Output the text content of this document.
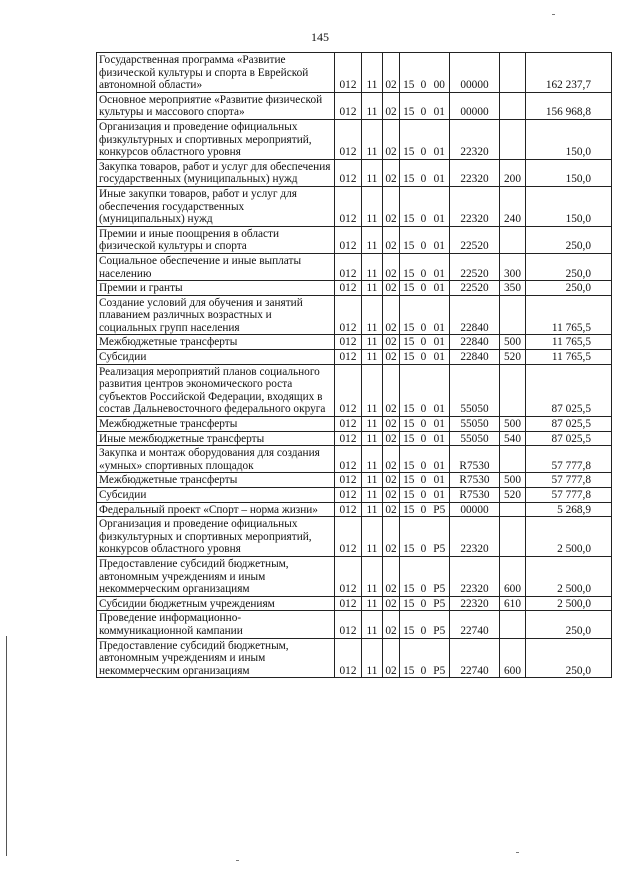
145
Государственная программа «Развитие физической культуры и спорта в Еврейской автономной области»	012	11	02	15	0	00	00000		162 237,7
Основное мероприятие «Развитие физической культуры и массового спорта»	012	11	02	15	0	01	00000		156 968,8
Организация и проведение официальных физкультурных и спортивных мероприятий, конкурсов областного уровня	012	11	02	15	0	01	22320		150,0
Закупка товаров, работ и услуг для обеспечения государственных (муниципальных) нужд	012	11	02	15	0	01	22320	200	150,0
Иные закупки товаров, работ и услуг для обеспечения государственных (муниципальных) нужд	012	11	02	15	0	01	22320	240	150,0
Премии и иные поощрения в области физической культуры и спорта	012	11	02	15	0	01	22520		250,0
Социальное обеспечение и иные выплаты населению	012	11	02	15	0	01	22520	300	250,0
Премии и гранты	012	11	02	15	0	01	22520	350	250,0
Создание условий для обучения и занятий плаванием различных возрастных и социальных групп населения	012	11	02	15	0	01	22840		11 765,5
Межбюджетные трансферты	012	11	02	15	0	01	22840	500	11 765,5
Субсидии	012	11	02	15	0	01	22840	520	11 765,5
Реализация мероприятий планов социального развития центров экономического роста субъектов Российской Федерации, входящих в состав Дальневосточного федерального округа	012	11	02	15	0	01	55050		87 025,5
Межбюджетные трансферты	012	11	02	15	0	01	55050	500	87 025,5
Иные межбюджетные трансферты	012	11	02	15	0	01	55050	540	87 025,5
Закупка и монтаж оборудования для создания «умных» спортивных площадок	012	11	02	15	0	01	R7530		57 777,8
Межбюджетные трансферты	012	11	02	15	0	01	R7530	500	57 777,8
Субсидии	012	11	02	15	0	01	R7530	520	57 777,8
Федеральный проект «Спорт – норма жизни»	012	11	02	15	0	P5	00000		5 268,9
Организация и проведение официальных физкультурных и спортивных мероприятий, конкурсов областного уровня	012	11	02	15	0	P5	22320		2 500,0
Предоставление субсидий бюджетным, автономным учреждениям и иным некоммерческим организациям	012	11	02	15	0	P5	22320	600	2 500,0
Субсидии бюджетным учреждениям	012	11	02	15	0	P5	22320	610	2 500,0
Проведение информационно-коммуникационной кампании	012	11	02	15	0	P5	22740		250,0
Предоставление субсидий бюджетным, автономным учреждениям и иным некоммерческим организациям	012	11	02	15	0	P5	22740	600	250,0
